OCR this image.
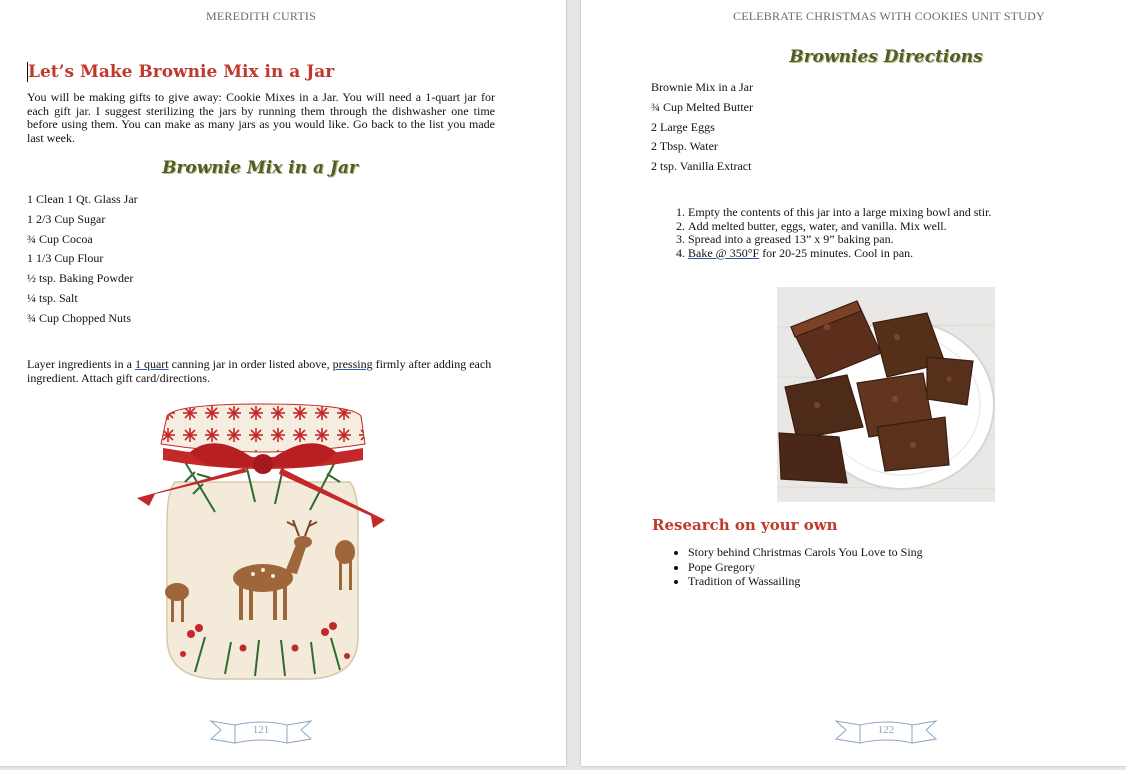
MEREDITH CURTIS
Let’s Make Brownie Mix in a Jar

You will be making gifts to give away: Cookie Mixes in a Jar. You will need a 1-quart jar for each gift jar. I suggest sterilizing the jars by running them through the dishwasher one time before using them. You can make as many jars as you would like. Go back to the list you made last week.

Brownie Mix in a Jar
1 Clean 1 Qt. Glass Jar
1 2/3 Cup Sugar
¾ Cup Cocoa
1 1/3 Cup Flour
½ tsp. Baking Powder
¼ tsp. Salt
¾ Cup Chopped Nuts

Layer ingredients in a 1 quart canning jar in order listed above, pressing firmly after adding each ingredient. Attach gift card/directions.

121
CELEBRATE CHRISTMAS WITH COOKIES UNIT STUDY
Brownies Directions
Brownie Mix in a Jar
¾ Cup Melted Butter
2 Large Eggs
2 Tbsp. Water
2 tsp. Vanilla Extract
1. Empty the contents of this jar into a large mixing bowl and stir.
2. Add melted butter, eggs, water, and vanilla. Mix well.
3. Spread into a greased 13” x 9” baking pan.
4. Bake @ 350°F for 20-25 minutes. Cool in pan.
Research on your own
• Story behind Christmas Carols You Love to Sing
• Pope Gregory
• Tradition of Wassailing
122
